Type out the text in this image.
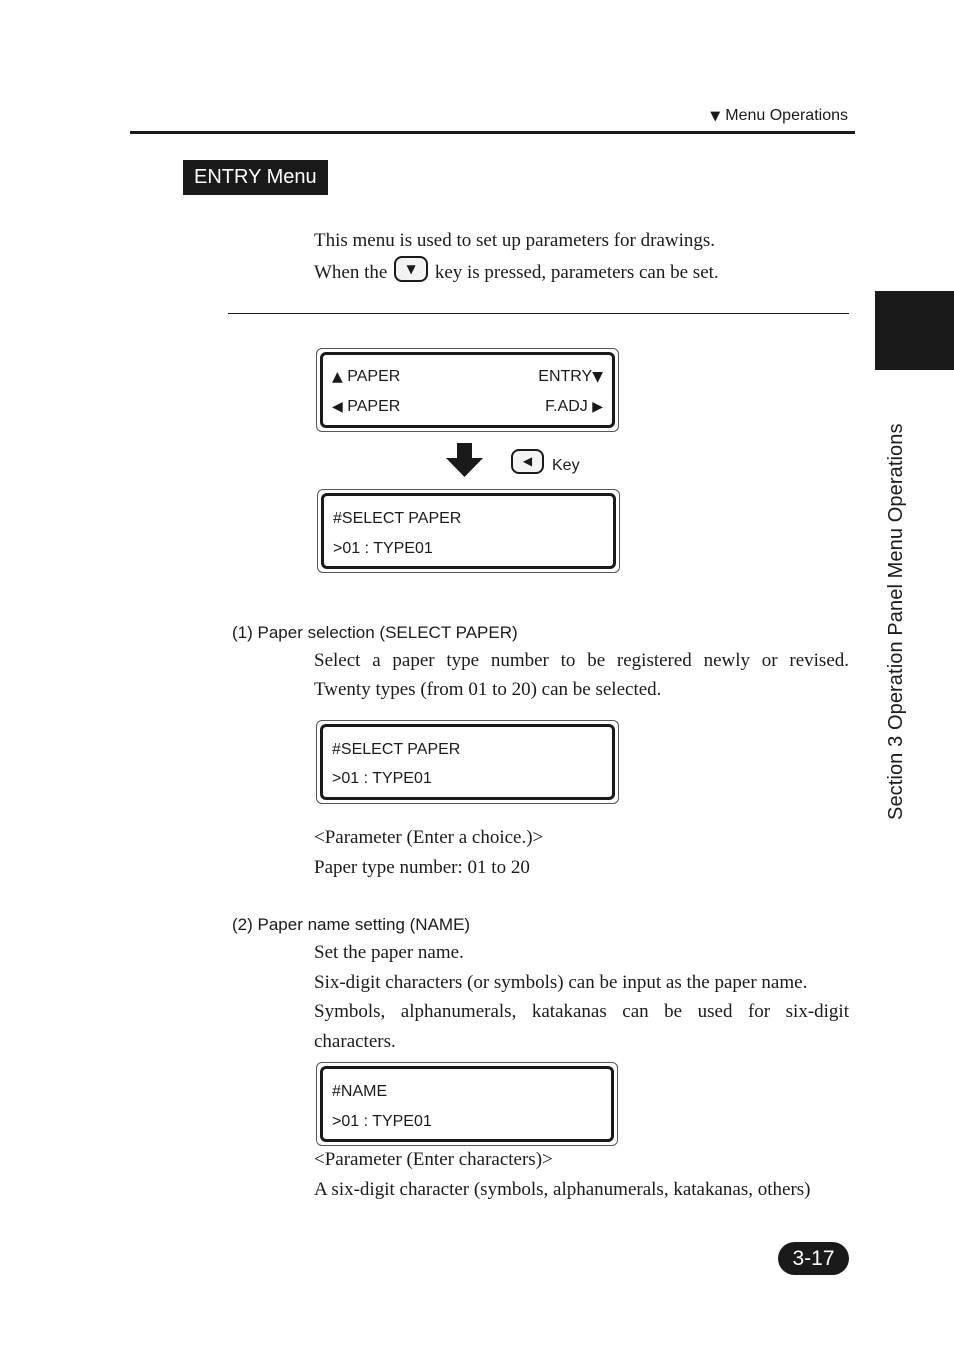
▼ Menu Operations
ENTRY Menu
This menu is used to set up parameters for drawings.
When the	▼	key is pressed, parameters can be set.
▲ PAPER	ENTRY▼
◀ PAPER	F.ADJ ▶
◀	Key
#SELECT PAPER
>01 : TYPE01
(1) Paper selection (SELECT PAPER)
Select a paper type number to be registered newly or revised.
Twenty types (from 01 to 20) can be selected.
#SELECT PAPER
>01 : TYPE01
<Parameter (Enter a choice.)>
Paper type number: 01 to 20
(2) Paper name setting (NAME)
Set the paper name.
Six-digit characters (or symbols) can be input as the paper name.
Symbols, alphanumerals, katakanas can be used for six-digit
characters.
#NAME
>01 : TYPE01
<Parameter (Enter characters)>
A six-digit character (symbols, alphanumerals, katakanas, others)
Section 3 Operation Panel Menu Operations
3-17
